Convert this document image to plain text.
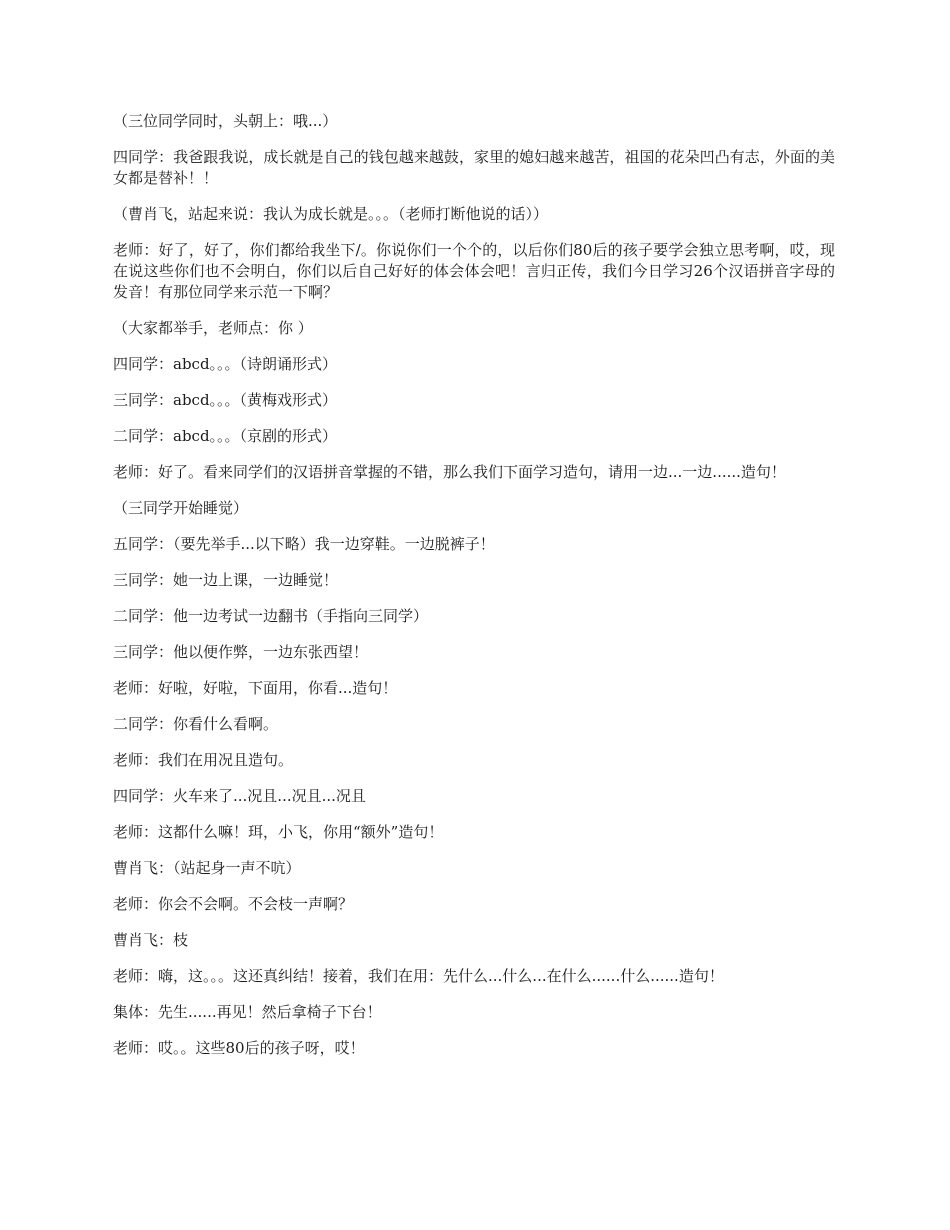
（三位同学同时，头朝上：哦...）

四同学：我爸跟我说，成长就是自己的钱包越来越鼓，家里的媳妇越来越苦，祖国的花朵凹凸有志，外面的美女都是替补！！

（曹肖飞，站起来说：我认为成长就是。。。（老师打断他说的话））

老师：好了，好了，你们都给我坐下/。你说你们一个个的，以后你们80后的孩子要学会独立思考啊，哎，现在说这些你们也不会明白，你们以后自己好好的体会体会吧！言归正传，我们今日学习26个汉语拼音字母的发音！有那位同学来示范一下啊？

（大家都举手，老师点：你 ）

四同学：abcd。。。（诗朗诵形式）

三同学：abcd。。。（黄梅戏形式）

二同学：abcd。。。（京剧的形式）

老师：好了。看来同学们的汉语拼音掌握的不错，那么我们下面学习造句，请用一边...一边......造句！

（三同学开始睡觉）

五同学：（要先举手...以下略）我一边穿鞋。一边脱裤子！

三同学：她一边上课，一边睡觉！

二同学：他一边考试一边翻书（手指向三同学）

三同学：他以便作弊，一边东张西望！

老师：好啦，好啦，下面用，你看...造句！

二同学：你看什么看啊。

老师：我们在用况且造句。

四同学：火车来了...况且...况且...况且

老师：这都什么嘛！珥，小飞，你用“额外”造句！

曹肖飞：（站起身一声不吭）

老师：你会不会啊。不会枝一声啊？

曹肖飞：枝

老师：嗨，这。。。这还真纠结！接着，我们在用：先什么...什么...在什么......什么......造句！

集体：先生......再见！然后拿椅子下台！

老师：哎。。这些80后的孩子呀，哎！
